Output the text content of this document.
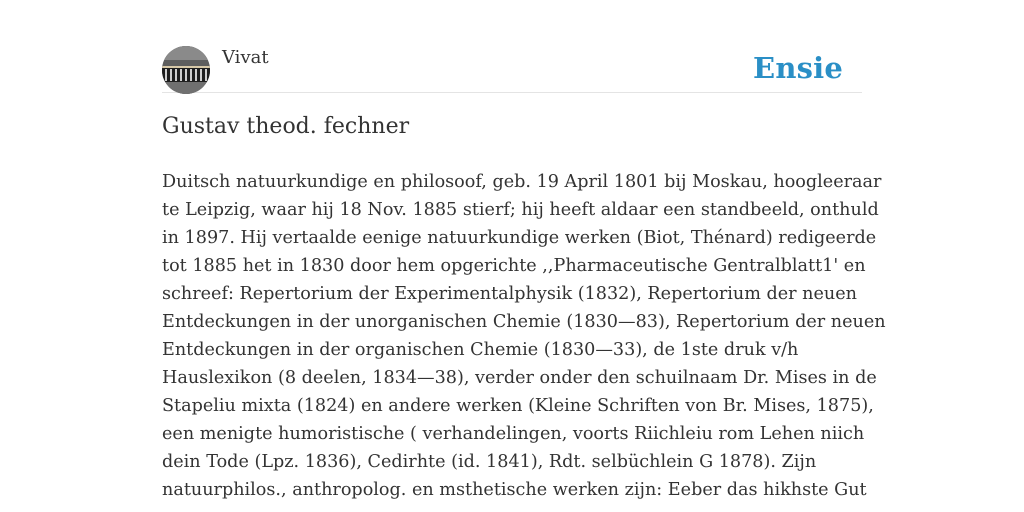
Vivat	Ensie
Gustav theod. fechner
Duitsch natuurkundige en philosoof, geb. 19 April 1801 bij Moskau, hoogleeraar
te Leipzig, waar hij 18 Nov. 1885 stierf; hij heeft aldaar een standbeeld, onthuld
in 1897. Hij vertaalde eenige natuurkundige werken (Biot, Thénard) redigeerde
tot 1885 het in 1830 door hem opgerichte ,,Pharmaceutische Gentralblatt1' en
schreef: Repertorium der Experimentalphysik (1832), Repertorium der neuen
Entdeckungen in der unorganischen Chemie (1830—83), Repertorium der neuen
Entdeckungen in der organischen Chemie (1830—33), de 1ste druk v/h
Hauslexikon (8 deelen, 1834—38), verder onder den schuilnaam Dr. Mises in de
Stapeliu mixta (1824) en andere werken (Kleine Schriften von Br. Mises, 1875),
een menigte humoristische ( verhandelingen, voorts Riichleiu rom Lehen niich
dein Tode (Lpz. 1836), Cedirhte (id. 1841), Rdt. selbüchlein G 1878). Zijn
natuurphilos., anthropolog. en msthetische werken zijn: Eeber das hikhste Gut
